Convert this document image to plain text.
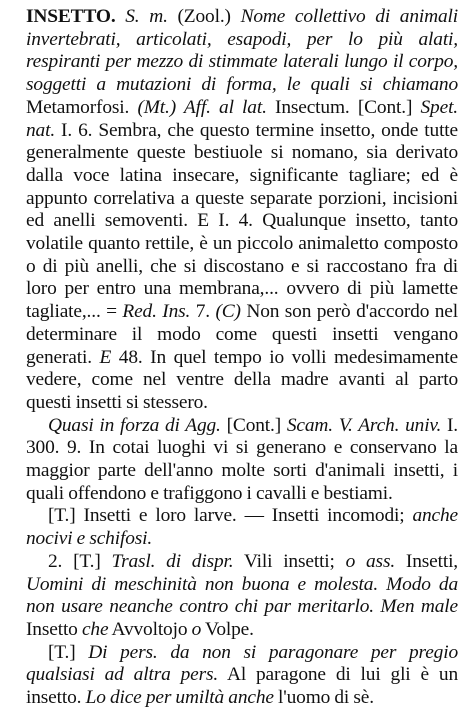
INSETTO. S. m. (Zool.) Nome collettivo di animali invertebrati, articolati, esapodi, per lo più alati, respiranti per mezzo di stimmate laterali lungo il corpo, soggetti a mutazioni di forma, le quali si chiamano Metamorfosi. (Mt.) Aff. al lat. Insectum. [Cont.] Spet. nat. I. 6. Sembra, che questo termine insetto, onde tutte generalmente queste bestiuole si nomano, sia derivato dalla voce latina insecare, significante tagliare; ed è appunto correlativa a queste separate porzioni, incisioni ed anelli semoventi. E I. 4. Qualunque insetto, tanto volatile quanto rettile, è un piccolo animaletto composto o di più anelli, che si discostano e si raccostano fra di loro per entro una membrana,... ovvero di più lamette tagliate,... = Red. Ins. 7. (C) Non son però d'accordo nel determinare il modo come questi insetti vengano generati. E 48. In quel tempo io volli medesimamente vedere, come nel ventre della madre avanti al parto questi insetti si stessero.

Quasi in forza di Agg. [Cont.] Scam. V. Arch. univ. I. 300. 9. In cotai luoghi vi si generano e conservano la maggior parte dell'anno molte sorti d'animali insetti, i quali offendono e trafiggono i cavalli e bestiami.

[T.] Insetti e loro larve. — Insetti incomodi; anche nocivi e schifosi.

2. [T.] Trasl. di dispr. Vili insetti; o ass. Insetti, Uomini di meschinità non buona e molesta. Modo da non usare neanche contro chi par meritarlo. Men male Insetto che Avvoltojo o Volpe.

[T.] Di pers. da non si paragonare per pregio qualsiasi ad altra pers. Al paragone di lui gli è un insetto. Lo dice per umiltà anche l'uomo di sè.
